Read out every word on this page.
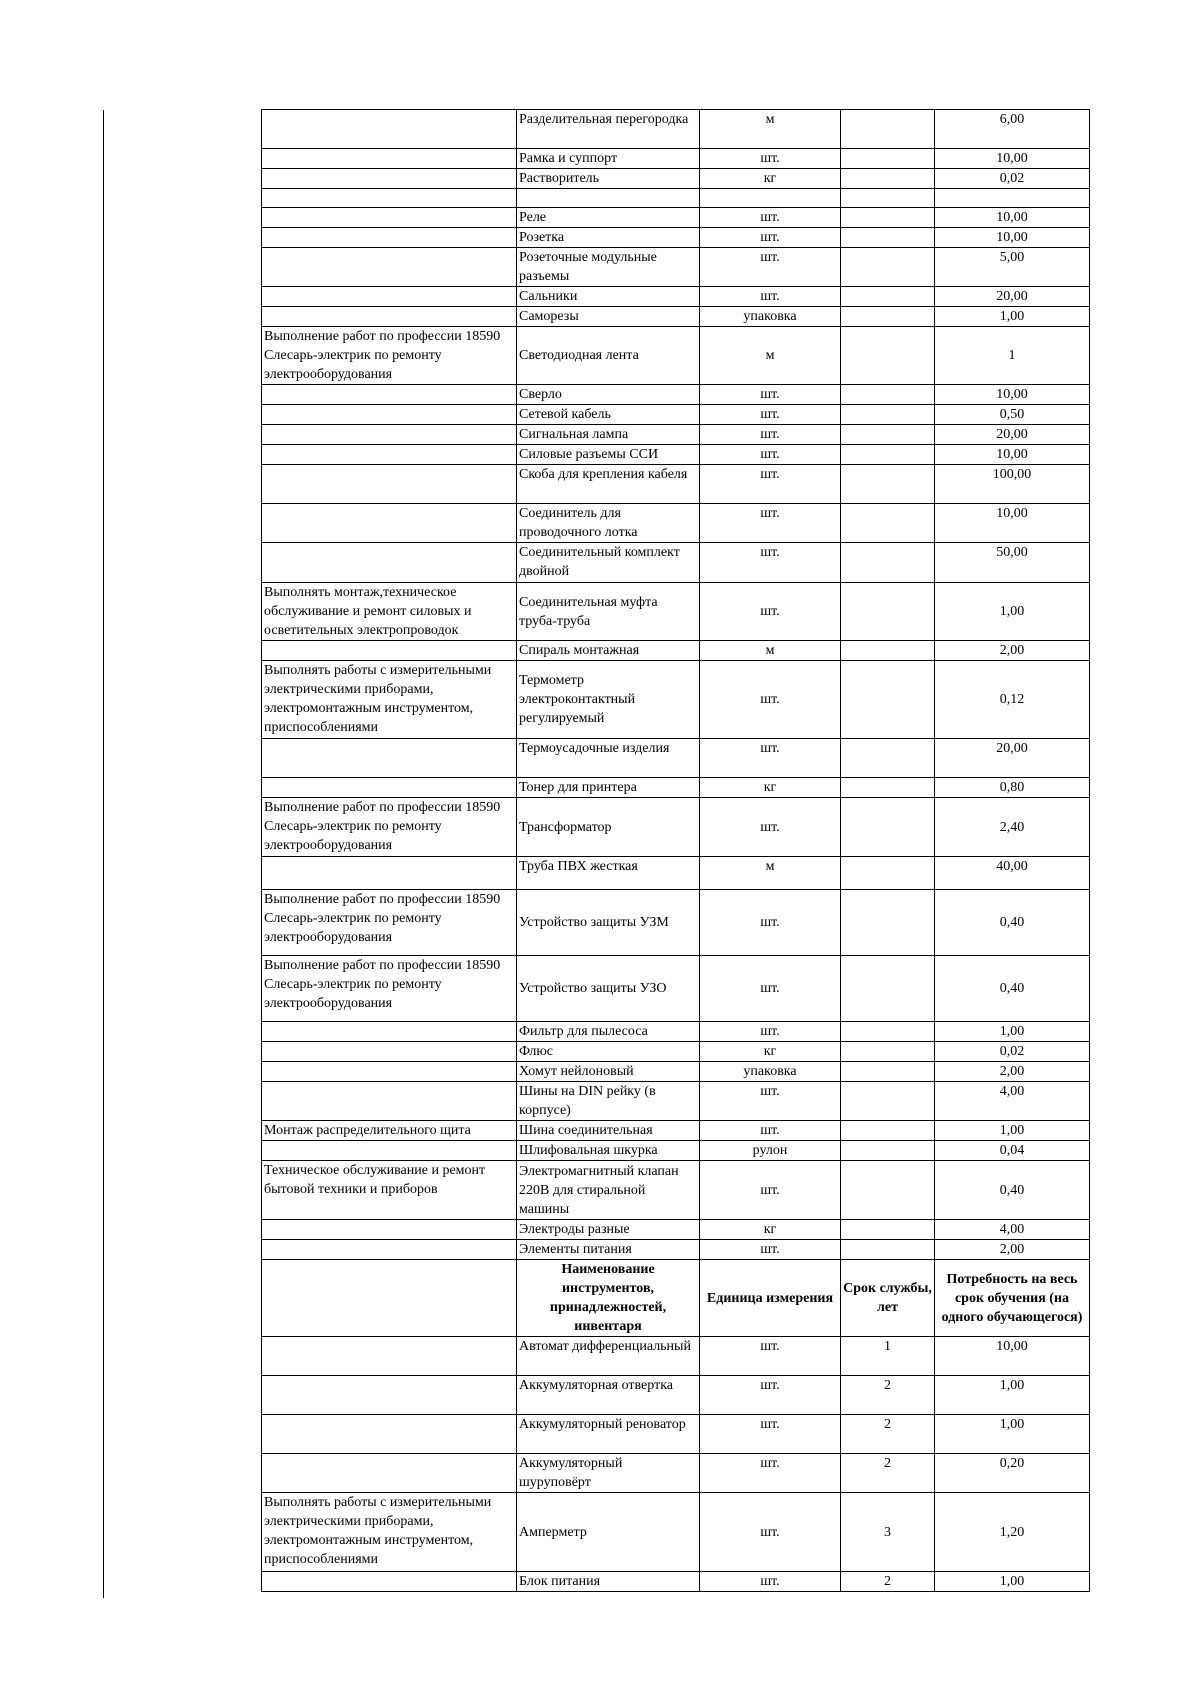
	Разделительная перегородка	м		6,00
	Рамка и суппорт	шт.		10,00
	Растворитель	кг		0,02

	Реле	шт.		10,00
	Розетка	шт.		10,00
	Розеточные модульные разъемы	шт.		5,00
	Сальники	шт.		20,00
	Саморезы	упаковка		1,00
Выполнение работ по профессии 18590 Слесарь-электрик по ремонту электрооборудования	Светодиодная лента	м		1
	Сверло	шт.		10,00
	Сетевой кабель	шт.		0,50
	Сигнальная лампа	шт.		20,00
	Силовые разъемы ССИ	шт.		10,00
	Скоба для крепления кабеля	шт.		100,00
	Соединитель для проводочного лотка	шт.		10,00
	Соединительный комплект двойной	шт.		50,00
Выполнять монтаж,техническое обслуживание и ремонт силовых и осветительных электропроводок	Соединительная муфта труба-труба	шт.		1,00
	Спираль монтажная	м		2,00
Выполнять работы с измерительными электрическими приборами, электромонтажным инструментом, приспособлениями	Термометр электроконтактный регулируемый	шт.		0,12
	Термоусадочные изделия	шт.		20,00
	Тонер для принтера	кг		0,80
Выполнение работ по профессии 18590 Слесарь-электрик по ремонту электрооборудования	Трансформатор	шт.		2,40
	Труба ПВХ жесткая	м		40,00
Выполнение работ по профессии 18590 Слесарь-электрик по ремонту электрооборудования	Устройство защиты УЗМ	шт.		0,40
Выполнение работ по профессии 18590 Слесарь-электрик по ремонту электрооборудования	Устройство защиты УЗО	шт.		0,40
	Фильтр для пылесоса	шт.		1,00
	Флюс	кг		0,02
	Хомут нейлоновый	упаковка		2,00
	Шины на DIN рейку (в корпусе)	шт.		4,00
Монтаж распределительного щита	Шина соединительная	шт.		1,00
	Шлифовальная шкурка	рулон		0,04
Техническое обслуживание и ремонт бытовой техники и приборов	Электромагнитный клапан 220В для стиральной машины	шт.		0,40
	Электроды разные	кг		4,00
	Элементы питания	шт.		2,00
	Наименование инструментов, принадлежностей, инвентаря	Единица измерения	Срок службы, лет	Потребность на весь срок обучения (на одного обучающегося)
	Автомат дифференциальный	шт.	1	10,00
	Аккумуляторная отвертка	шт.	2	1,00
	Аккумуляторный реноватор	шт.	2	1,00
	Аккумуляторный шуруповёрт	шт.	2	0,20
Выполнять работы с измерительными электрическими приборами, электромонтажным инструментом, приспособлениями	Амперметр	шт.	3	1,20
	Блок питания	шт.	2	1,00
